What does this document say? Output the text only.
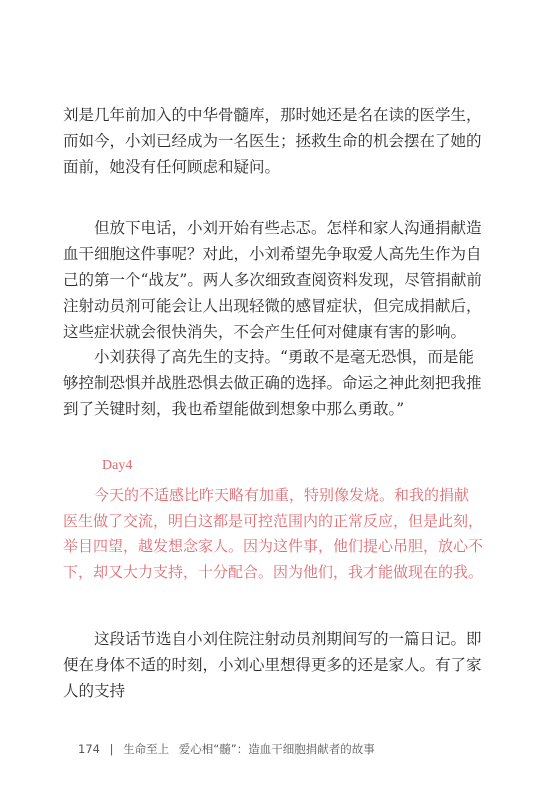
刘是几年前加入的中华骨髓库，那时她还是名在读的医学生，而如今，小刘已经成为一名医生；拯救生命的机会摆在了她的面前，她没有任何顾虑和疑问。

但放下电话，小刘开始有些忐忑。怎样和家人沟通捐献造血干细胞这件事呢？对此，小刘希望先争取爱人高先生作为自己的第一个“战友”。两人多次细致查阅资料发现，尽管捐献前注射动员剂可能会让人出现轻微的感冒症状，但完成捐献后，这些症状就会很快消失，不会产生任何对健康有害的影响。

小刘获得了高先生的支持。“勇敢不是毫无恐惧，而是能够控制恐惧并战胜恐惧去做正确的选择。命运之神此刻把我推到了关键时刻，我也希望能做到想象中那么勇敢。”

Day4

今天的不适感比昨天略有加重，特别像发烧。和我的捐献医生做了交流，明白这都是可控范围内的正常反应，但是此刻，举目四望，越发想念家人。因为这件事，他们提心吊胆，放心不下，却又大力支持，十分配合。因为他们，我才能做现在的我。

这段话节选自小刘住院注射动员剂期间写的一篇日记。即便在身体不适的时刻，小刘心里想得更多的还是家人。有了家人的支持

174 | 生命至上 爱心相“髓”：造血干细胞捐献者的故事
